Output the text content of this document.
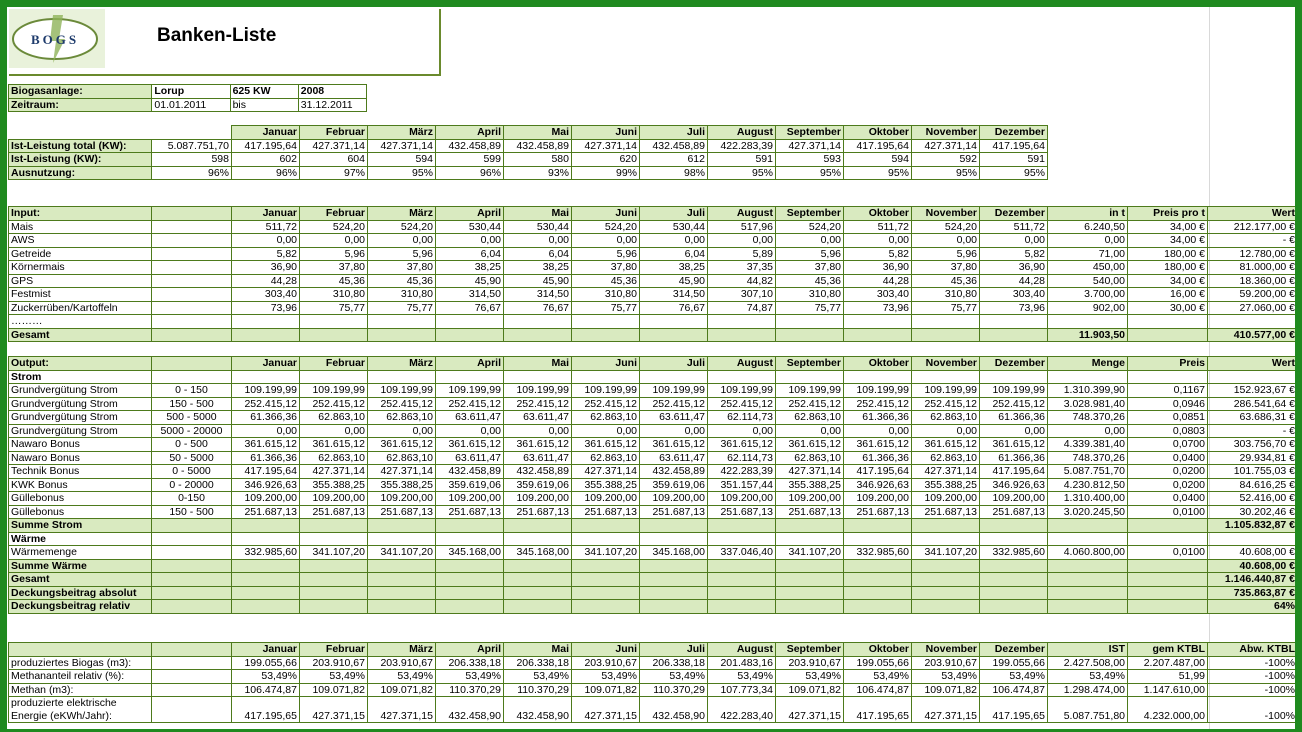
BOGS	Banken-Liste
Biogasanlage:	Lorup	625 KW	2008
Zeitraum:	01.01.2011	bis	31.12.2011
		Januar	Februar	März	April	Mai	Juni	Juli	August	September	Oktober	November	Dezember
Ist-Leistung total (KW):	5.087.751,70	417.195,64	427.371,14	427.371,14	432.458,89	432.458,89	427.371,14	432.458,89	422.283,39	427.371,14	417.195,64	427.371,14	417.195,64
Ist-Leistung (KW):	598	602	604	594	599	580	620	612	591	593	594	592	591
Ausnutzung:	96%	96%	97%	95%	96%	93%	99%	98%	95%	95%	95%	95%	95%
Input:		Januar	Februar	März	April	Mai	Juni	Juli	August	September	Oktober	November	Dezember	in t	Preis pro t	Wert
Mais		511,72	524,20	524,20	530,44	530,44	524,20	530,44	517,96	524,20	511,72	524,20	511,72	6.240,50	34,00 €	212.177,00 €
AWS		0,00	0,00	0,00	0,00	0,00	0,00	0,00	0,00	0,00	0,00	0,00	0,00	0,00	34,00 €	- €
Getreide		5,82	5,96	5,96	6,04	6,04	5,96	6,04	5,89	5,96	5,82	5,96	5,82	71,00	180,00 €	12.780,00 €
Körnermais		36,90	37,80	37,80	38,25	38,25	37,80	38,25	37,35	37,80	36,90	37,80	36,90	450,00	180,00 €	81.000,00 €
GPS		44,28	45,36	45,36	45,90	45,90	45,36	45,90	44,82	45,36	44,28	45,36	44,28	540,00	34,00 €	18.360,00 €
Festmist		303,40	310,80	310,80	314,50	314,50	310,80	314,50	307,10	310,80	303,40	310,80	303,40	3.700,00	16,00 €	59.200,00 €
Zuckerrüben/Kartoffeln		73,96	75,77	75,77	76,67	76,67	75,77	76,67	74,87	75,77	73,96	75,77	73,96	902,00	30,00 €	27.060,00 €
………																
Gesamt														11.903,50		410.577,00 €
Output:		Januar	Februar	März	April	Mai	Juni	Juli	August	September	Oktober	November	Dezember	Menge	Preis	Wert
Strom																
Grundvergütung Strom	0 - 150	109.199,99	109.199,99	109.199,99	109.199,99	109.199,99	109.199,99	109.199,99	109.199,99	109.199,99	109.199,99	109.199,99	109.199,99	1.310.399,90	0,1167	152.923,67 €
Grundvergütung Strom	150 - 500	252.415,12	252.415,12	252.415,12	252.415,12	252.415,12	252.415,12	252.415,12	252.415,12	252.415,12	252.415,12	252.415,12	252.415,12	3.028.981,40	0,0946	286.541,64 €
Grundvergütung Strom	500 - 5000	61.366,36	62.863,10	62.863,10	63.611,47	63.611,47	62.863,10	63.611,47	62.114,73	62.863,10	61.366,36	62.863,10	61.366,36	748.370,26	0,0851	63.686,31 €
Grundvergütung Strom	5000 - 20000	0,00	0,00	0,00	0,00	0,00	0,00	0,00	0,00	0,00	0,00	0,00	0,00	0,00	0,0803	- €
Nawaro Bonus	0 - 500	361.615,12	361.615,12	361.615,12	361.615,12	361.615,12	361.615,12	361.615,12	361.615,12	361.615,12	361.615,12	361.615,12	361.615,12	4.339.381,40	0,0700	303.756,70 €
Nawaro Bonus	50 - 5000	61.366,36	62.863,10	62.863,10	63.611,47	63.611,47	62.863,10	63.611,47	62.114,73	62.863,10	61.366,36	62.863,10	61.366,36	748.370,26	0,0400	29.934,81 €
Technik Bonus	0 - 5000	417.195,64	427.371,14	427.371,14	432.458,89	432.458,89	427.371,14	432.458,89	422.283,39	427.371,14	417.195,64	427.371,14	417.195,64	5.087.751,70	0,0200	101.755,03 €
KWK Bonus	0 - 20000	346.926,63	355.388,25	355.388,25	359.619,06	359.619,06	355.388,25	359.619,06	351.157,44	355.388,25	346.926,63	355.388,25	346.926,63	4.230.812,50	0,0200	84.616,25 €
Güllebonus	0-150	109.200,00	109.200,00	109.200,00	109.200,00	109.200,00	109.200,00	109.200,00	109.200,00	109.200,00	109.200,00	109.200,00	109.200,00	1.310.400,00	0,0400	52.416,00 €
Güllebonus	150 - 500	251.687,13	251.687,13	251.687,13	251.687,13	251.687,13	251.687,13	251.687,13	251.687,13	251.687,13	251.687,13	251.687,13	251.687,13	3.020.245,50	0,0100	30.202,46 €
Summe Strom																1.105.832,87 €
Wärme																
Wärmemenge		332.985,60	341.107,20	341.107,20	345.168,00	345.168,00	341.107,20	345.168,00	337.046,40	341.107,20	332.985,60	341.107,20	332.985,60	4.060.800,00	0,0100	40.608,00 €
Summe Wärme																40.608,00 €
Gesamt																1.146.440,87 €
Deckungsbeitrag absolut																735.863,87 €
Deckungsbeitrag relativ																64%
		Januar	Februar	März	April	Mai	Juni	Juli	August	September	Oktober	November	Dezember	IST	gem KTBL	Abw. KTBL
produziertes Biogas (m3):		199.055,66	203.910,67	203.910,67	206.338,18	206.338,18	203.910,67	206.338,18	201.483,16	203.910,67	199.055,66	203.910,67	199.055,66	2.427.508,00	2.207.487,00	-100%
Methananteil relativ (%):		53,49%	53,49%	53,49%	53,49%	53,49%	53,49%	53,49%	53,49%	53,49%	53,49%	53,49%	53,49%	53,49%	51,99	-100%
Methan (m3):		106.474,87	109.071,82	109.071,82	110.370,29	110.370,29	109.071,82	110.370,29	107.773,34	109.071,82	106.474,87	109.071,82	106.474,87	1.298.474,00	1.147.610,00	-100%
produzierte elektrische Energie (eKWh/Jahr):		417.195,65	427.371,15	427.371,15	432.458,90	432.458,90	427.371,15	432.458,90	422.283,40	427.371,15	417.195,65	427.371,15	417.195,65	5.087.751,80	4.232.000,00	-100%
